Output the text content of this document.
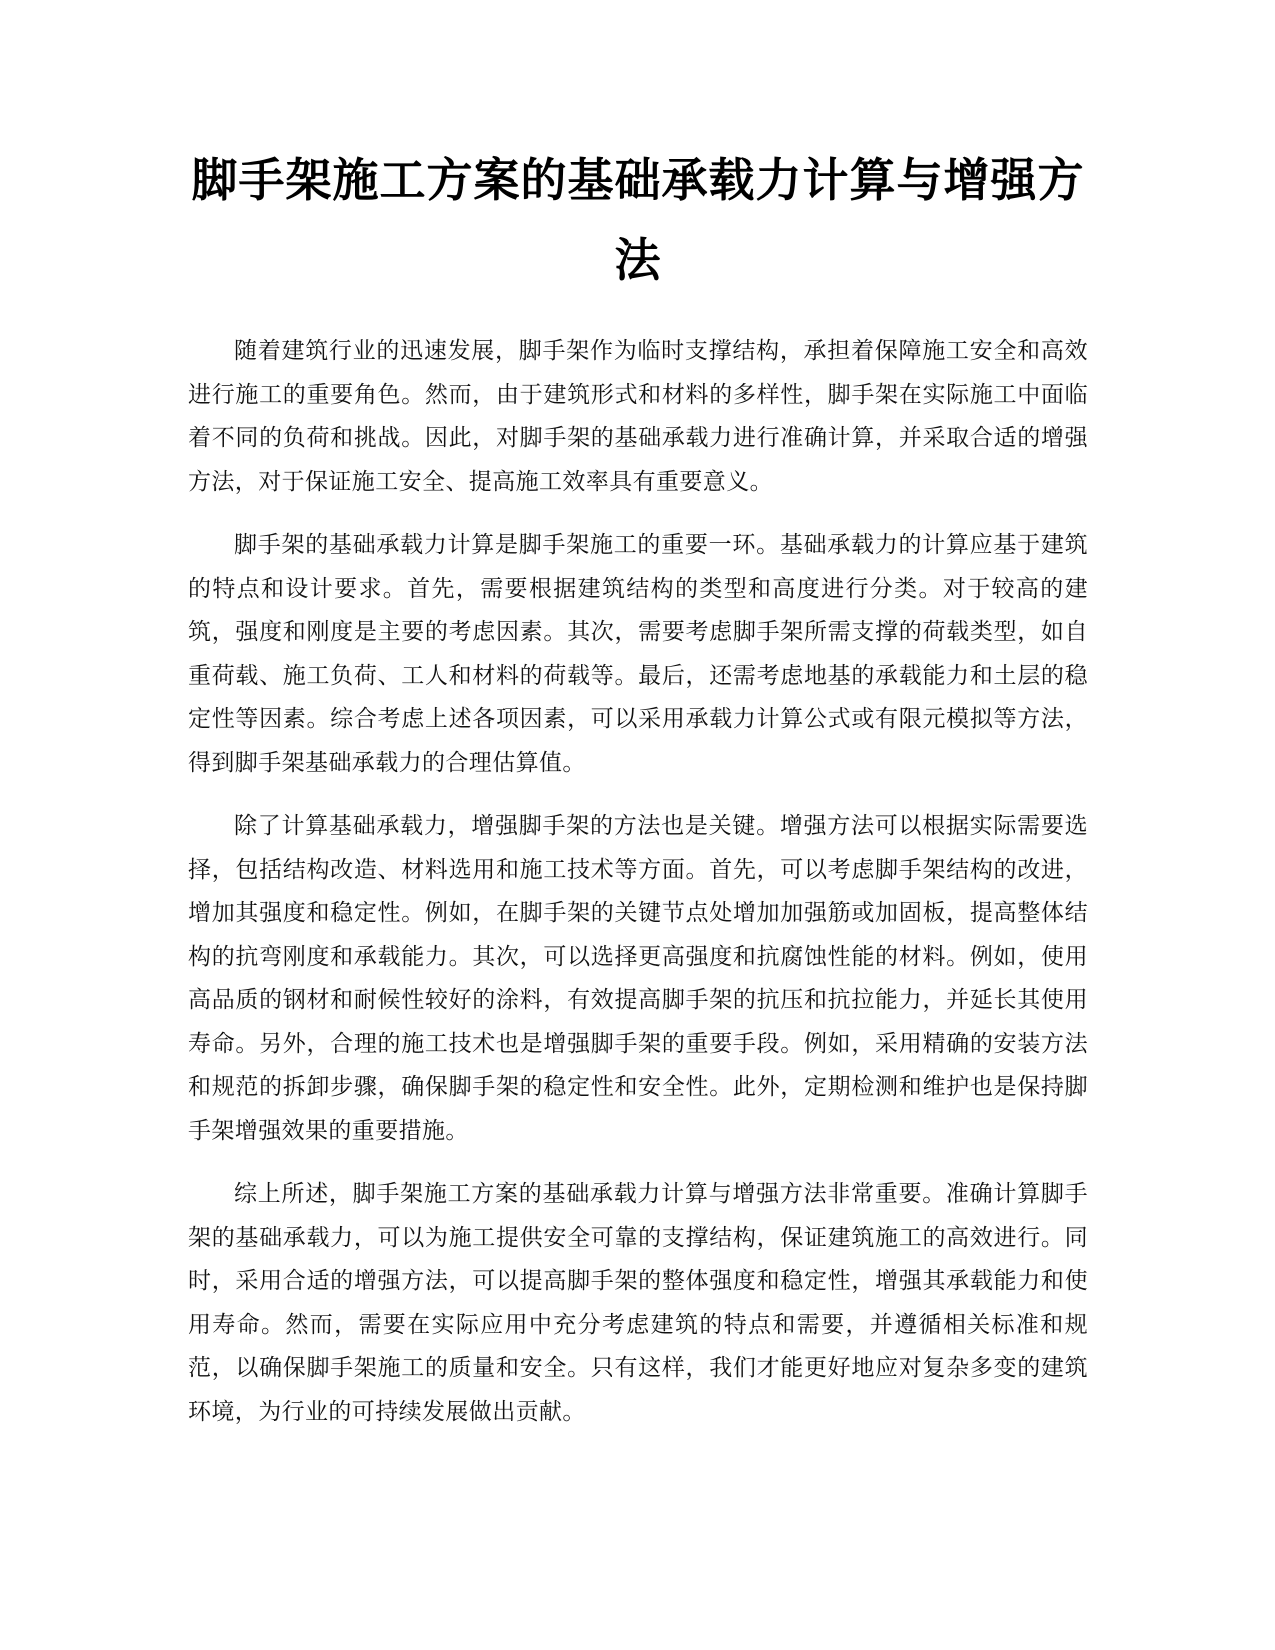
脚手架施工方案的基础承载力计算与增强方法

随着建筑行业的迅速发展，脚手架作为临时支撑结构，承担着保障施工安全和高效进行施工的重要角色。然而，由于建筑形式和材料的多样性，脚手架在实际施工中面临着不同的负荷和挑战。因此，对脚手架的基础承载力进行准确计算，并采取合适的增强方法，对于保证施工安全、提高施工效率具有重要意义。

脚手架的基础承载力计算是脚手架施工的重要一环。基础承载力的计算应基于建筑的特点和设计要求。首先，需要根据建筑结构的类型和高度进行分类。对于较高的建筑，强度和刚度是主要的考虑因素。其次，需要考虑脚手架所需支撑的荷载类型，如自重荷载、施工负荷、工人和材料的荷载等。最后，还需考虑地基的承载能力和土层的稳定性等因素。综合考虑上述各项因素，可以采用承载力计算公式或有限元模拟等方法，得到脚手架基础承载力的合理估算值。

除了计算基础承载力，增强脚手架的方法也是关键。增强方法可以根据实际需要选择，包括结构改造、材料选用和施工技术等方面。首先，可以考虑脚手架结构的改进，增加其强度和稳定性。例如，在脚手架的关键节点处增加加强筋或加固板，提高整体结构的抗弯刚度和承载能力。其次，可以选择更高强度和抗腐蚀性能的材料。例如，使用高品质的钢材和耐候性较好的涂料，有效提高脚手架的抗压和抗拉能力，并延长其使用寿命。另外，合理的施工技术也是增强脚手架的重要手段。例如，采用精确的安装方法和规范的拆卸步骤，确保脚手架的稳定性和安全性。此外，定期检测和维护也是保持脚手架增强效果的重要措施。

综上所述，脚手架施工方案的基础承载力计算与增强方法非常重要。准确计算脚手架的基础承载力，可以为施工提供安全可靠的支撑结构，保证建筑施工的高效进行。同时，采用合适的增强方法，可以提高脚手架的整体强度和稳定性，增强其承载能力和使用寿命。然而，需要在实际应用中充分考虑建筑的特点和需要，并遵循相关标准和规范，以确保脚手架施工的质量和安全。只有这样，我们才能更好地应对复杂多变的建筑环境，为行业的可持续发展做出贡献。
